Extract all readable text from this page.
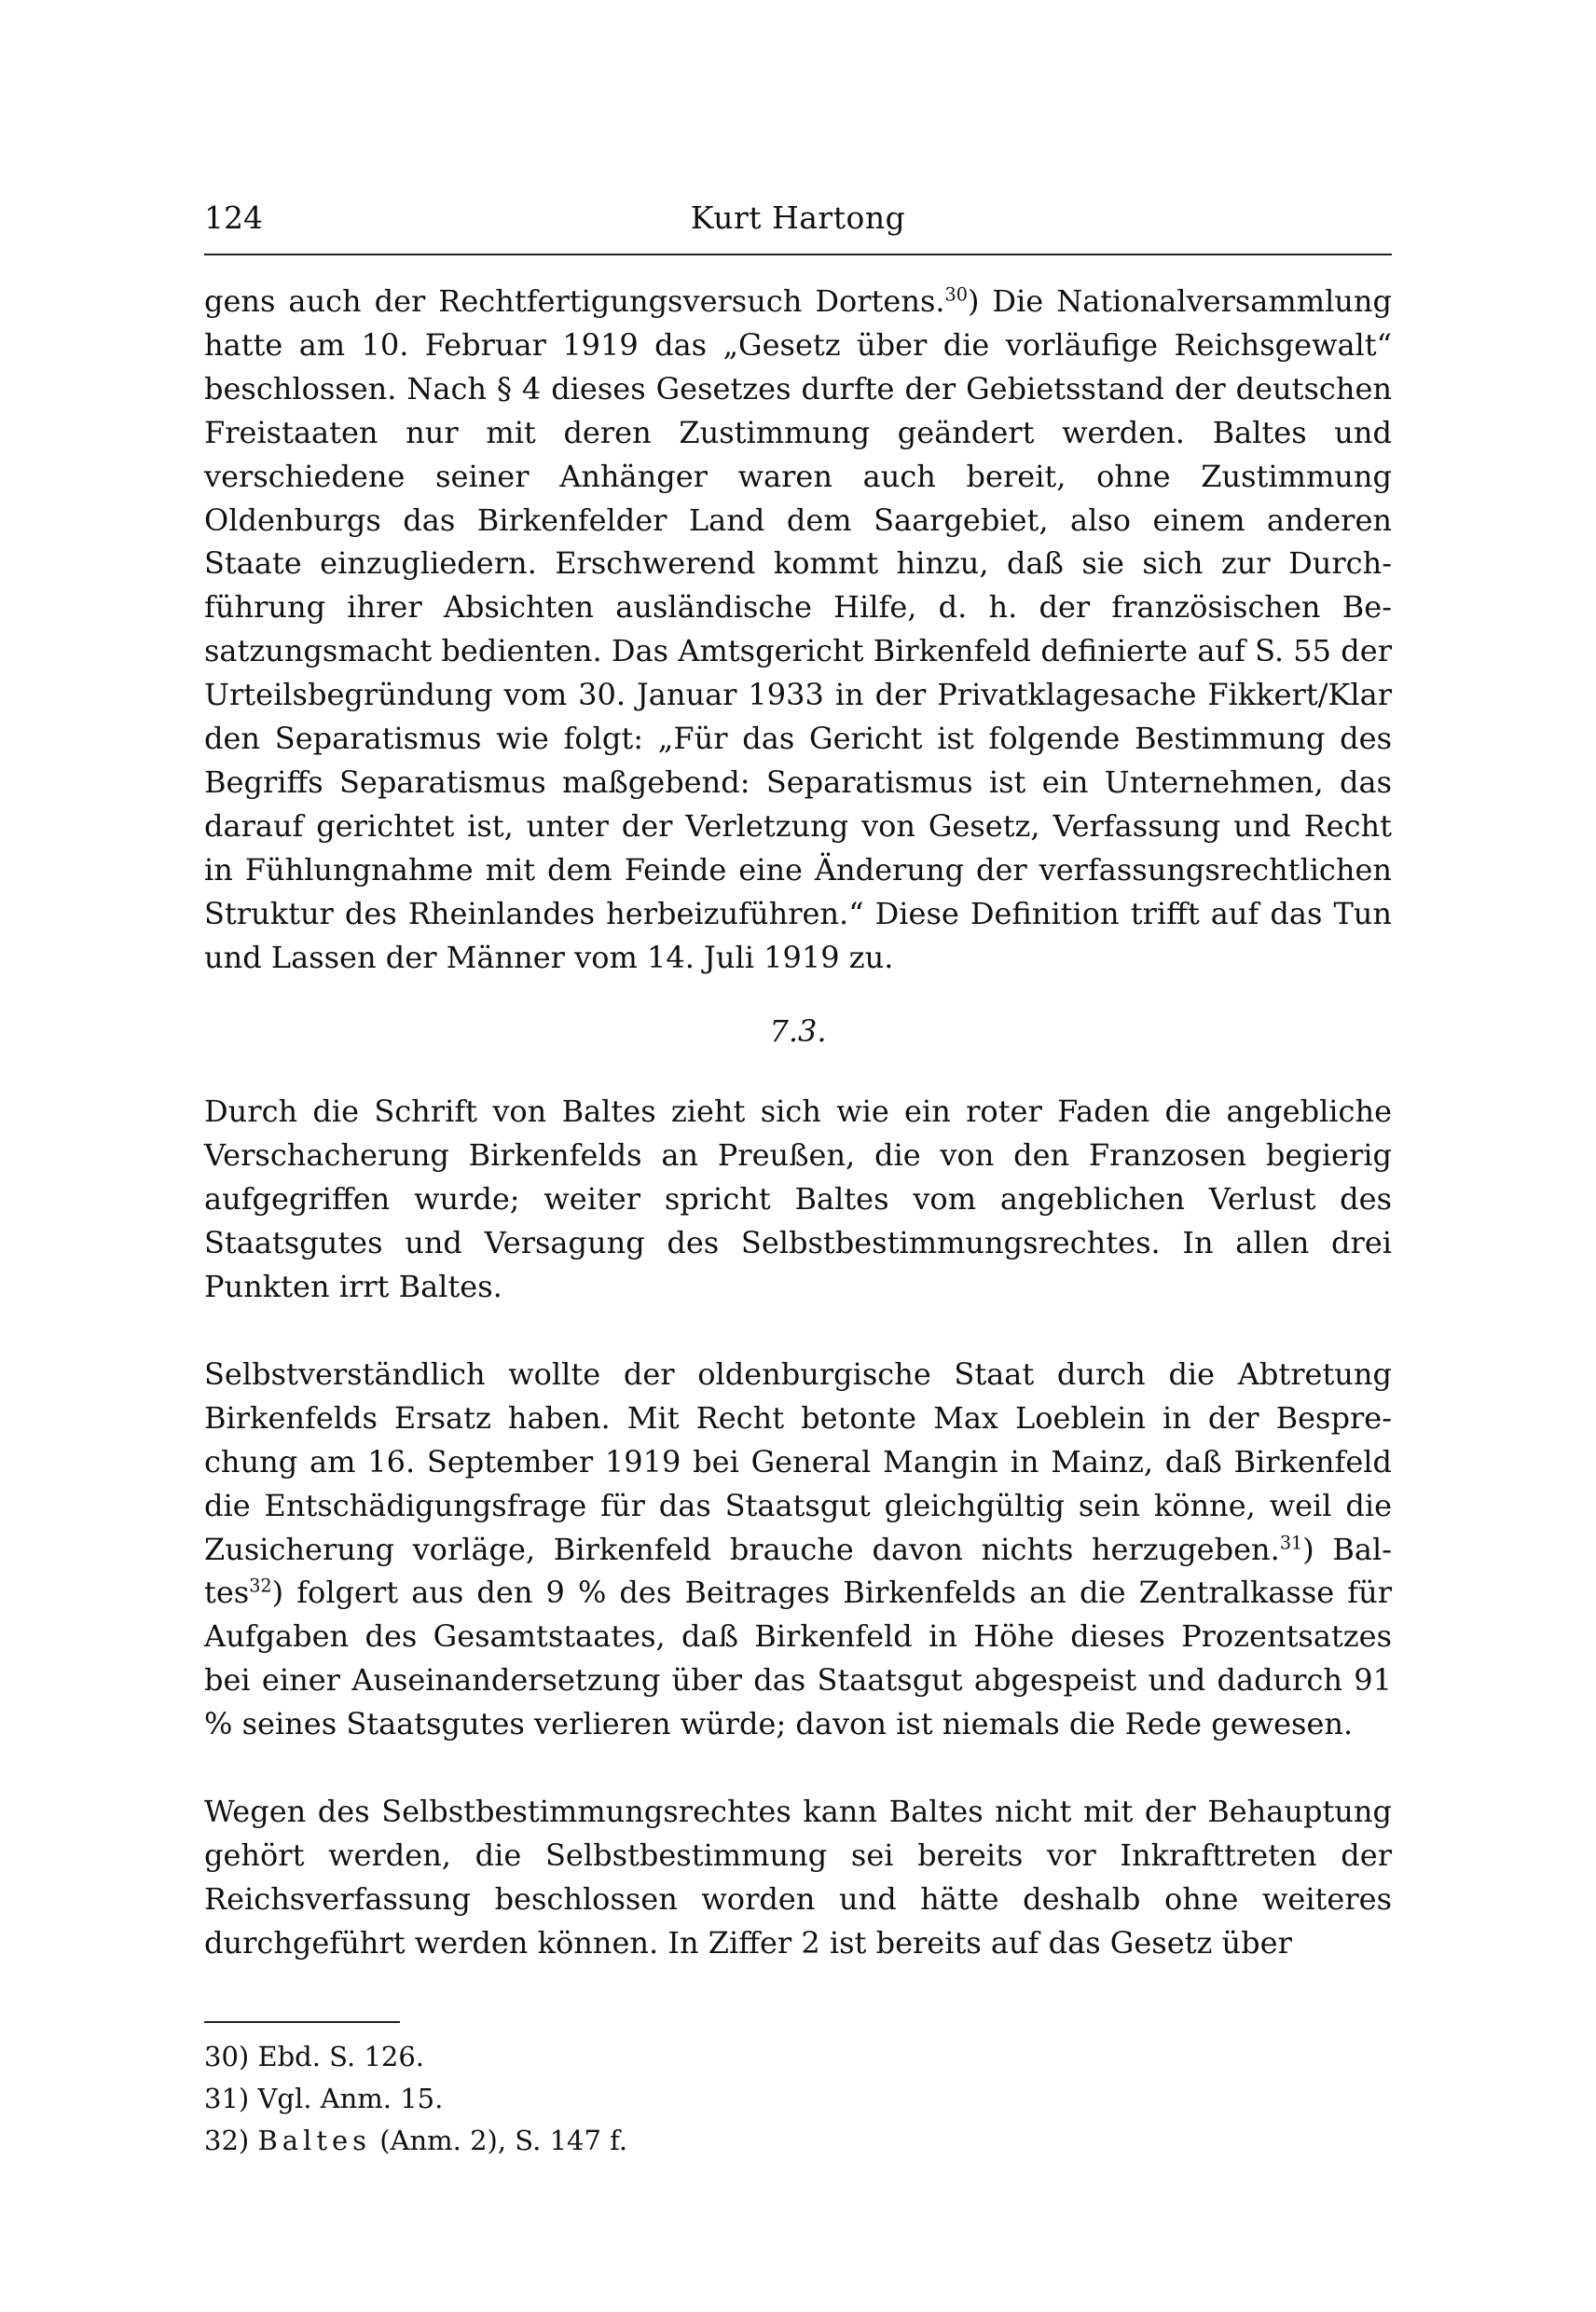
124	Kurt Hartong

gens auch der Rechtfertigungsversuch Dortens.$^{30}$) Die Nationalversammlung hatte am 10. Februar 1919 das „Gesetz über die vorläufige Reichsgewalt“ beschlossen. Nach § 4 dieses Gesetzes durfte der Gebietsstand der deutschen Freistaaten nur mit deren Zustimmung geändert werden. Baltes und verschiedene seiner Anhänger waren auch bereit, ohne Zustimmung Oldenburgs das Birkenfelder Land dem Saargebiet, also einem anderen Staate einzugliedern. Erschwerend kommt hinzu, daß sie sich zur Durchführung ihrer Absichten ausländische Hilfe, d. h. der französischen Besatzungsmacht bedienten. Das Amtsgericht Birkenfeld definierte auf S. 55 der Urteilsbegründung vom 30. Januar 1933 in der Privatklagesache Fikkert/Klar den Separatismus wie folgt: „Für das Gericht ist folgende Bestimmung des Begriffs Separatismus maßgebend: Separatismus ist ein Unternehmen, das darauf gerichtet ist, unter der Verletzung von Gesetz, Verfassung und Recht in Fühlungnahme mit dem Feinde eine Änderung der verfassungsrechtlichen Struktur des Rheinlandes herbeizuführen.“ Diese Definition trifft auf das Tun und Lassen der Männer vom 14. Juli 1919 zu.

7.3.

Durch die Schrift von Baltes zieht sich wie ein roter Faden die angebliche Verschacherung Birkenfelds an Preußen, die von den Franzosen begierig aufgegriffen wurde; weiter spricht Baltes vom angeblichen Verlust des Staatsgutes und Versagung des Selbstbestimmungsrechtes. In allen drei Punkten irrt Baltes.

Selbstverständlich wollte der oldenburgische Staat durch die Abtretung Birkenfelds Ersatz haben. Mit Recht betonte Max Loeblein in der Besprechung am 16. September 1919 bei General Mangin in Mainz, daß Birkenfeld die Entschädigungsfrage für das Staatsgut gleichgültig sein könne, weil die Zusicherung vorläge, Birkenfeld brauche davon nichts herzugeben.$^{31}$) Baltes$^{32}$) folgert aus den 9 % des Beitrages Birkenfelds an die Zentralkasse für Aufgaben des Gesamtstaates, daß Birkenfeld in Höhe dieses Prozentsatzes bei einer Auseinandersetzung über das Staatsgut abgespeist und dadurch 91 % seines Staatsgutes verlieren würde; davon ist niemals die Rede gewesen.

Wegen des Selbstbestimmungsrechtes kann Baltes nicht mit der Behauptung gehört werden, die Selbstbestimmung sei bereits vor Inkrafttreten der Reichsverfassung beschlossen worden und hätte deshalb ohne weiteres durchgeführt werden können. In Ziffer 2 ist bereits auf das Gesetz über

30) Ebd. S. 126.
31) Vgl. Anm. 15.
32) Baltes (Anm. 2), S. 147 f.
